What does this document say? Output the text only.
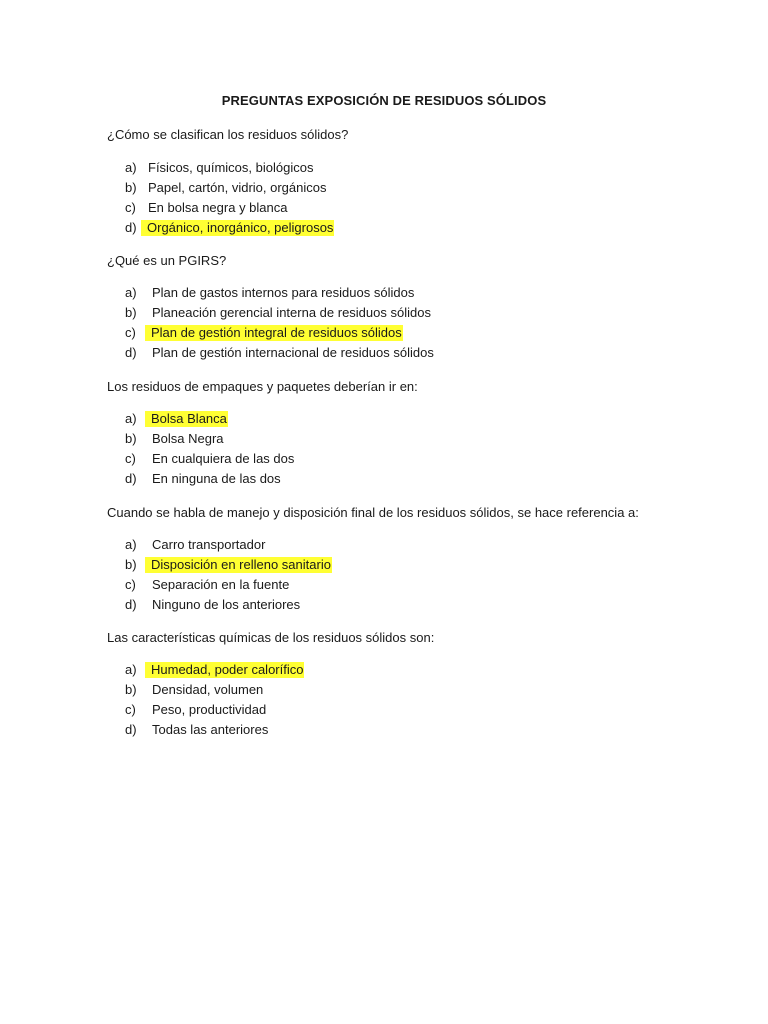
PREGUNTAS EXPOSICIÓN DE RESIDUOS SÓLIDOS
¿Cómo se clasifican los residuos sólidos?
a) Físicos, químicos, biológicos
b) Papel, cartón, vidrio, orgánicos
c) En bolsa negra y blanca
d) Orgánico, inorgánico, peligrosos
¿Qué es un PGIRS?
a) Plan de gastos internos para residuos sólidos
b) Planeación gerencial interna de residuos sólidos
c)	Plan de gestión integral de residuos sólidos
d) Plan de gestión internacional de residuos sólidos
Los residuos de empaques y paquetes deberían ir en:
a)	Bolsa Blanca
b) Bolsa Negra
c) En cualquiera de las dos
d) En ninguna de las dos
Cuando se habla de manejo y disposición final de los residuos sólidos, se hace referencia a:
a) Carro transportador
b)	Disposición en relleno sanitario
c) Separación en la fuente
d) Ninguno de los anteriores
Las características químicas de los residuos sólidos son:
a)	Humedad, poder calorífico
b) Densidad, volumen
c) Peso, productividad
d) Todas las anteriores
